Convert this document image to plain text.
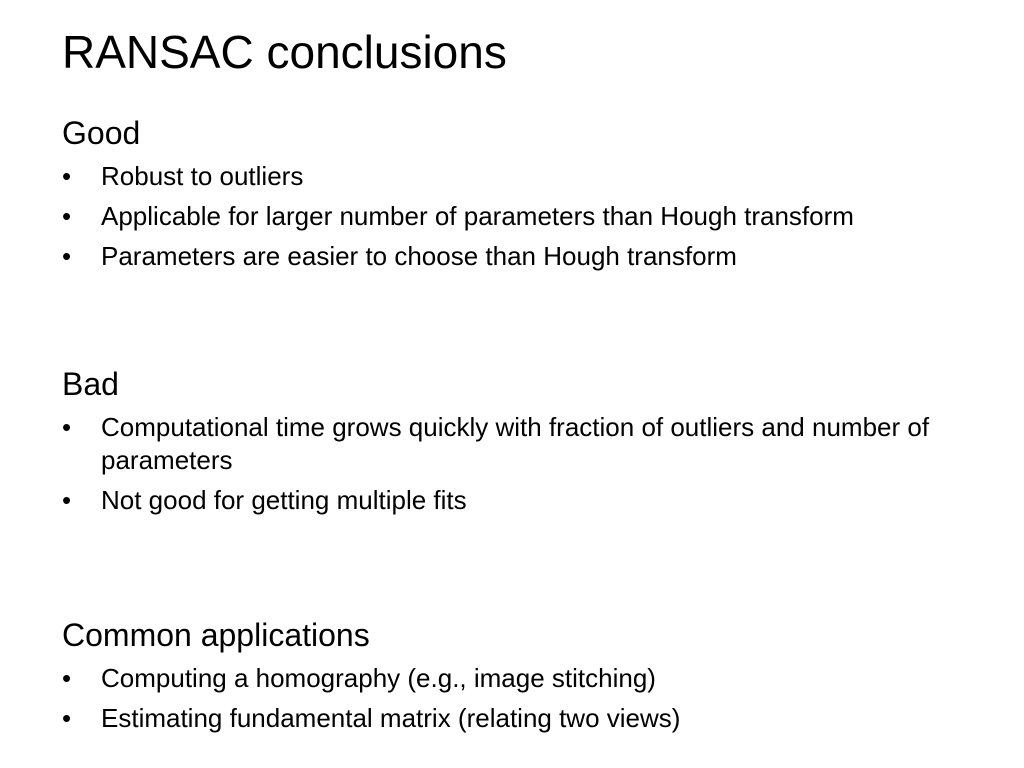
RANSAC conclusions
Good
•	Robust to outliers
•	Applicable for larger number of parameters than Hough transform
•	Parameters are easier to choose than Hough transform
Bad
•	Computational time grows quickly with fraction of outliers and number of parameters
•	Not good for getting multiple fits
Common applications
•	Computing a homography (e.g., image stitching)
•	Estimating fundamental matrix (relating two views)
